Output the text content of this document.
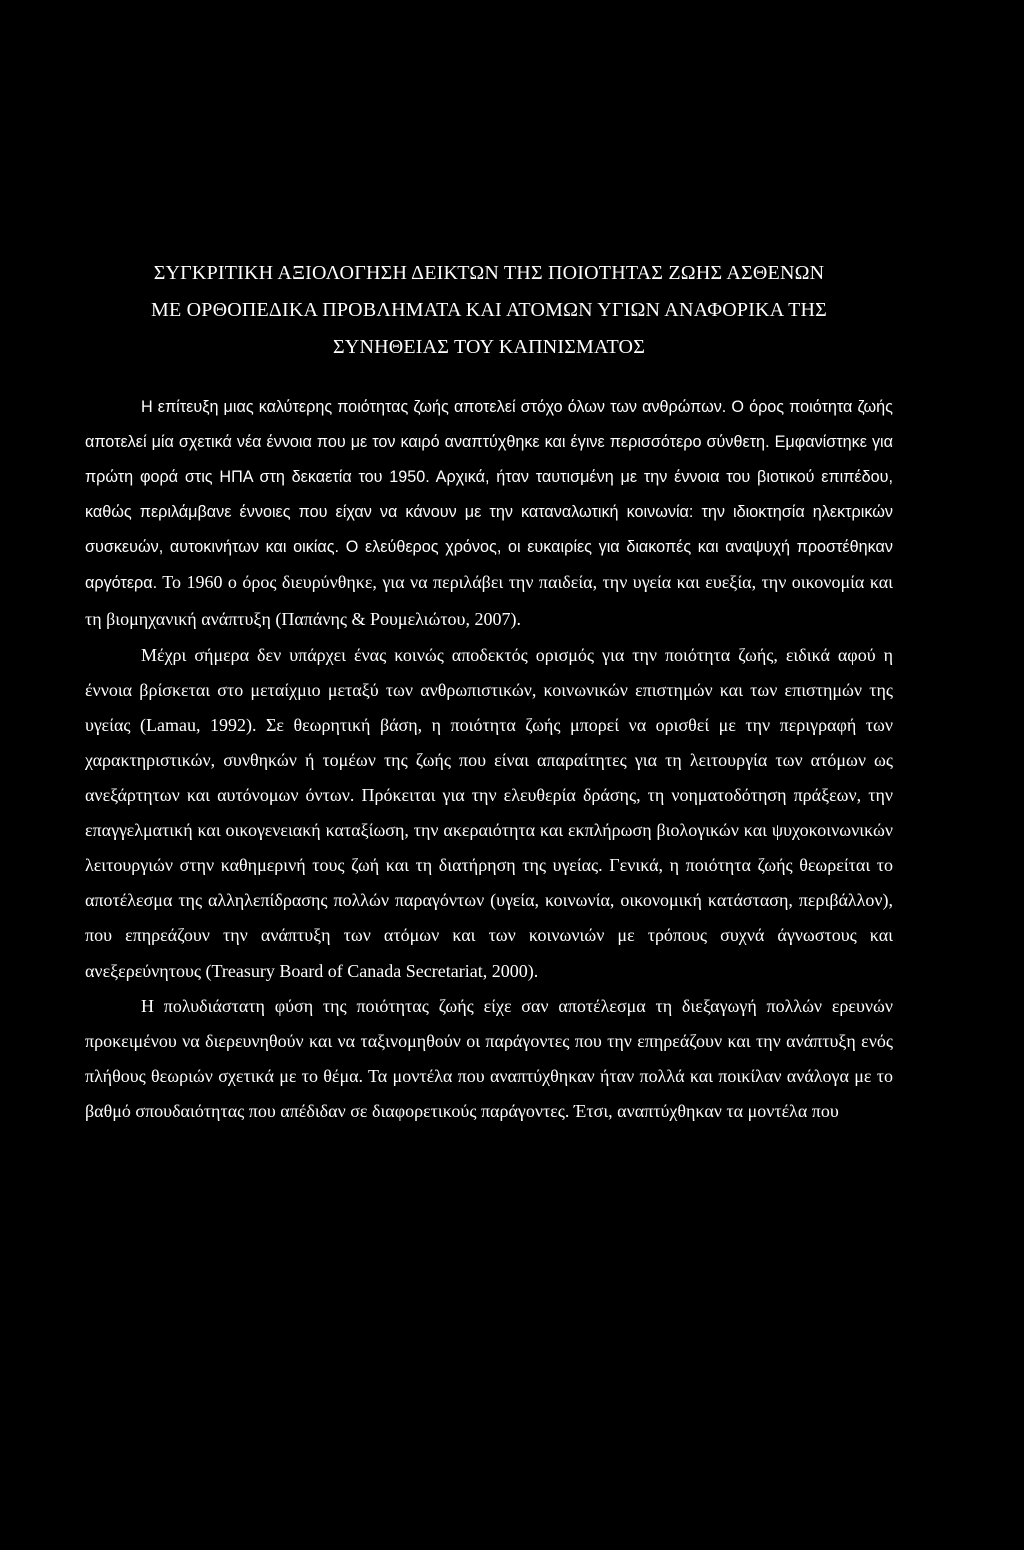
ΣΥΓΚΡΙΤΙΚΗ ΑΞΙΟΛΟΓΗΣΗ ΔΕΙΚΤΩΝ ΤΗΣ ΠΟΙΟΤΗΤΑΣ ΖΩΗΣ ΑΣΘΕΝΩΝ
ΜΕ ΟΡΘΟΠΕΔΙΚΑ ΠΡΟΒΛΗΜΑΤΑ ΚΑΙ ΑΤΟΜΩΝ ΥΓΙΩΝ ΑΝΑΦΟΡΙΚΑ ΤΗΣ
ΣΥΝΗΘΕΙΑΣ ΤΟΥ ΚΑΠΝΙΣΜΑΤΟΣ

Η επίτευξη μιας καλύτερης ποιότητας ζωής αποτελεί στόχο όλων των ανθρώπων. Ο όρος ποιότητα ζωής αποτελεί μία σχετικά νέα έννοια που με τον καιρό αναπτύχθηκε και έγινε περισσότερο σύνθετη. Εμφανίστηκε για πρώτη φορά στις ΗΠΑ στη δεκαετία του 1950. Αρχικά, ήταν ταυτισμένη με την έννοια του βιοτικού επιπέδου, καθώς περιλάμβανε έννοιες που είχαν να κάνουν με την καταναλωτική κοινωνία: την ιδιοκτησία ηλεκτρικών συσκευών, αυτοκινήτων και οικίας. Ο ελεύθερος χρόνος, οι ευκαιρίες για διακοπές και αναψυχή προστέθηκαν αργότερα. Το 1960 ο όρος διευρύνθηκε, για να περιλάβει την παιδεία, την υγεία και ευεξία, την οικονομία και τη βιομηχανική ανάπτυξη (Παπάνης & Ρουμελιώτου, 2007).

Μέχρι σήμερα δεν υπάρχει ένας κοινώς αποδεκτός ορισμός για την ποιότητα ζωής, ειδικά αφού η έννοια βρίσκεται στο μεταίχμιο μεταξύ των ανθρωπιστικών, κοινωνικών επιστημών και των επιστημών της υγείας (Lamau, 1992). Σε θεωρητική βάση, η ποιότητα ζωής μπορεί να ορισθεί με την περιγραφή των χαρακτηριστικών, συνθηκών ή τομέων της ζωής που είναι απαραίτητες για τη λειτουργία των ατόμων ως ανεξάρτητων και αυτόνομων όντων. Πρόκειται για την ελευθερία δράσης, τη νοηματοδότηση πράξεων, την επαγγελματική και οικογενειακή καταξίωση, την ακεραιότητα και εκπλήρωση βιολογικών και ψυχοκοινωνικών λειτουργιών στην καθημερινή τους ζωή και τη διατήρηση της υγείας. Γενικά, η ποιότητα ζωής θεωρείται το αποτέλεσμα της αλληλεπίδρασης πολλών παραγόντων (υγεία, κοινωνία, οικονομική κατάσταση, περιβάλλον), που επηρεάζουν την ανάπτυξη των ατόμων και των κοινωνιών με τρόπους συχνά άγνωστους και ανεξερεύνητους (Treasury Board of Canada Secretariat, 2000).

Η πολυδιάστατη φύση της ποιότητας ζωής είχε σαν αποτέλεσμα τη διεξαγωγή πολλών ερευνών προκειμένου να διερευνηθούν και να ταξινομηθούν οι παράγοντες που την επηρεάζουν και την ανάπτυξη ενός πλήθους θεωριών σχετικά με το θέμα. Τα μοντέλα που αναπτύχθηκαν ήταν πολλά και ποικίλαν ανάλογα με το βαθμό σπουδαιότητας που απέδιδαν σε διαφορετικούς παράγοντες. Έτσι, αναπτύχθηκαν τα μοντέλα που
